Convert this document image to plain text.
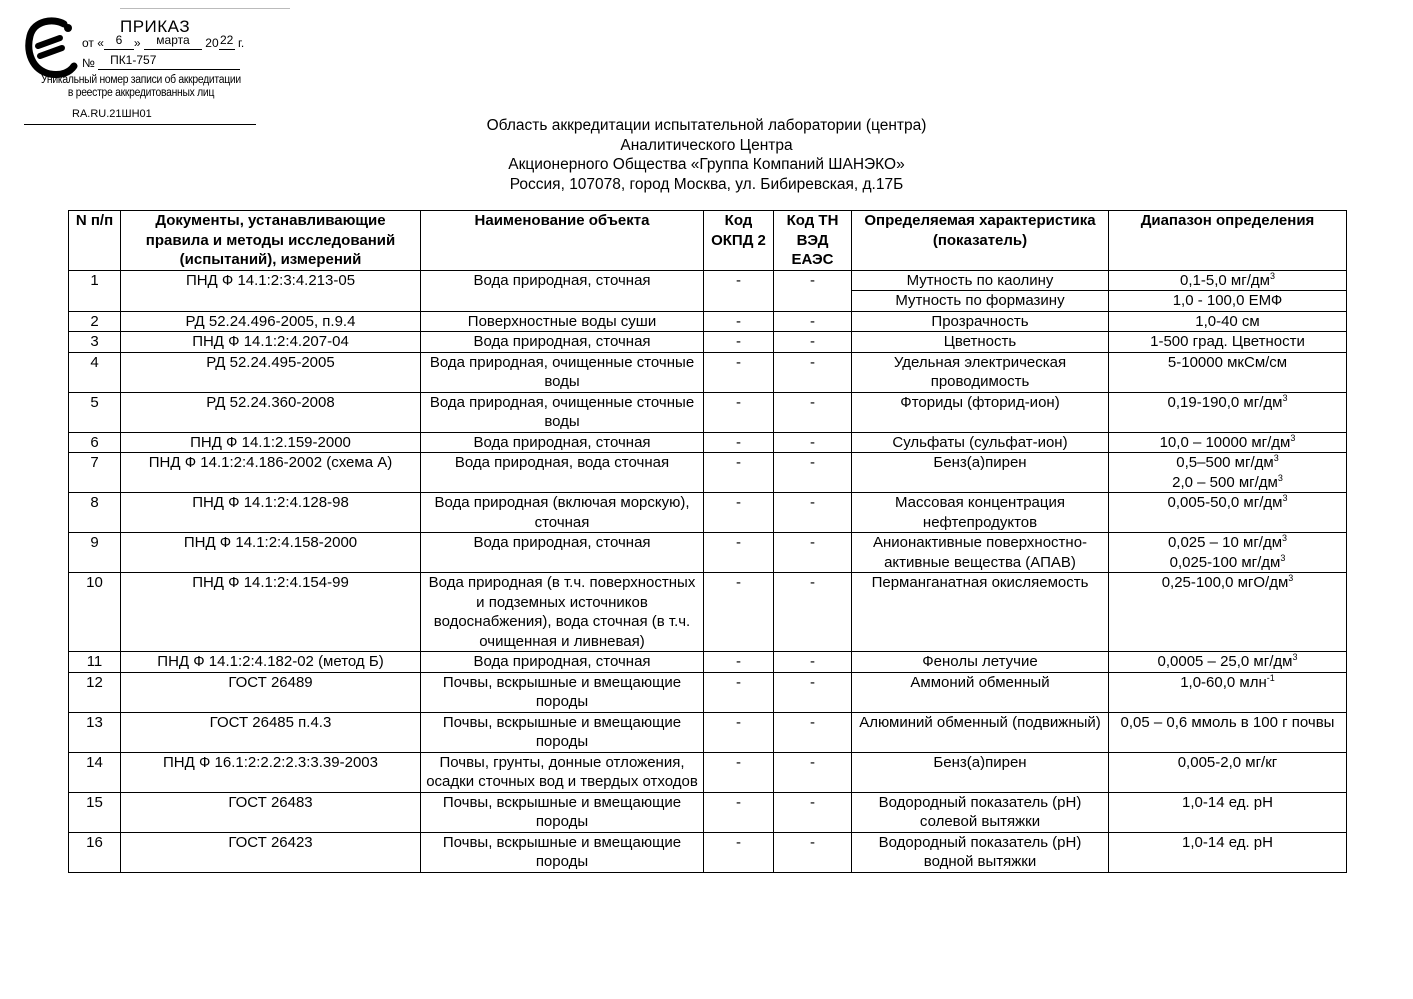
ПРИКАЗ
от « 6 » марта 2022 г.
№ ПК1-757
Уникальный номер записи об аккредитации
в реестре аккредитованных лиц
RA.RU.21ШН01
Область аккредитации испытательной лаборатории (центра)
Аналитического Центра
Акционерного Общества «Группа Компаний ШАНЭКО»
Россия, 107078, город Москва, ул. Бибиревская, д.17Б
N п/п	Документы, устанавливающие правила и методы исследований (испытаний), измерений	Наименование объекта	Код ОКПД 2	Код ТН ВЭД ЕАЭС	Определяемая характеристика (показатель)	Диапазон определения
1	ПНД Ф 14.1:2:3:4.213-05	Вода природная, сточная	-	-	Мутность по каолину	0,1-5,0 $мг/дм^3$

					Мутность по формазину	1,0 - 100,0 ЕМФ

2	РД 52.24.496-2005, п.9.4	Поверхностные воды суши	-	-	Прозрачность	1,0-40 см

3	ПНД Ф 14.1:2:4.207-04	Вода природная, сточная	-	-	Цветность	1-500 град. Цветности

4	РД 52.24.495-2005	Вода природная, очищенные сточные воды	-	-	Удельная электрическая проводимость	5-10000 мкСм/см

5	РД 52.24.360-2008	Вода природная, очищенные сточные воды	-	-	Фториды (фторид-ион)	0,19-190,0 $мг/дм^3$

6	ПНД Ф 14.1:2.159-2000	Вода природная, сточная	-	-	Сульфаты (сульфат-ион)	10,0 – 10000 $мг/дм^3$

7	ПНД Ф 14.1:2:4.186-2002 (схема А)	Вода природная, вода сточная	-	-	Бенз(а)пирен	0,5–500 $мг/дм^3$
2,0 – 500 $мг/дм^3$

8	ПНД Ф 14.1:2:4.128-98	Вода природная (включая морскую), сточная	-	-	Массовая концентрация нефтепродуктов	0,005-50,0 $мг/дм^3$

9	ПНД Ф 14.1:2:4.158-2000	Вода природная, сточная	-	-	Анионактивные поверхностно-активные вещества (АПАВ)	0,025 – 10 $мг/дм^3$
0,025-100 $мг/дм^3$

10	ПНД Ф 14.1:2:4.154-99	Вода природная (в т.ч. поверхностных и подземных источников водоснабжения), вода сточная (в т.ч. очищенная и ливневая)	-	-	Перманганатная окисляемость	0,25-100,0 мгО/$дм^3$

11	ПНД Ф 14.1:2:4.182-02 (метод Б)	Вода природная, сточная	-	-	Фенолы летучие	0,0005 – 25,0 $мг/дм^3$

12	ГОСТ 26489	Почвы, вскрышные и вмещающие породы	-	-	Аммоний обменный	1,0-60,0 млн$^{-1}$

13	ГОСТ 26485 п.4.3	Почвы, вскрышные и вмещающие породы	-	-	Алюминий обменный (подвижный)	0,05 – 0,6 ммоль в 100 г почвы

14	ПНД Ф 16.1:2:2.2:2.3:3.39-2003	Почвы, грунты, донные отложения, осадки сточных вод и твердых отходов	-	-	Бенз(а)пирен	0,005-2,0 мг/кг

15	ГОСТ 26483	Почвы, вскрышные и вмещающие породы	-	-	Водородный показатель (рН) солевой вытяжки	1,0-14 ед. рН

16	ГОСТ 26423	Почвы, вскрышные и вмещающие породы	-	-	Водородный показатель (рН) водной вытяжки	1,0-14 ед. рН
